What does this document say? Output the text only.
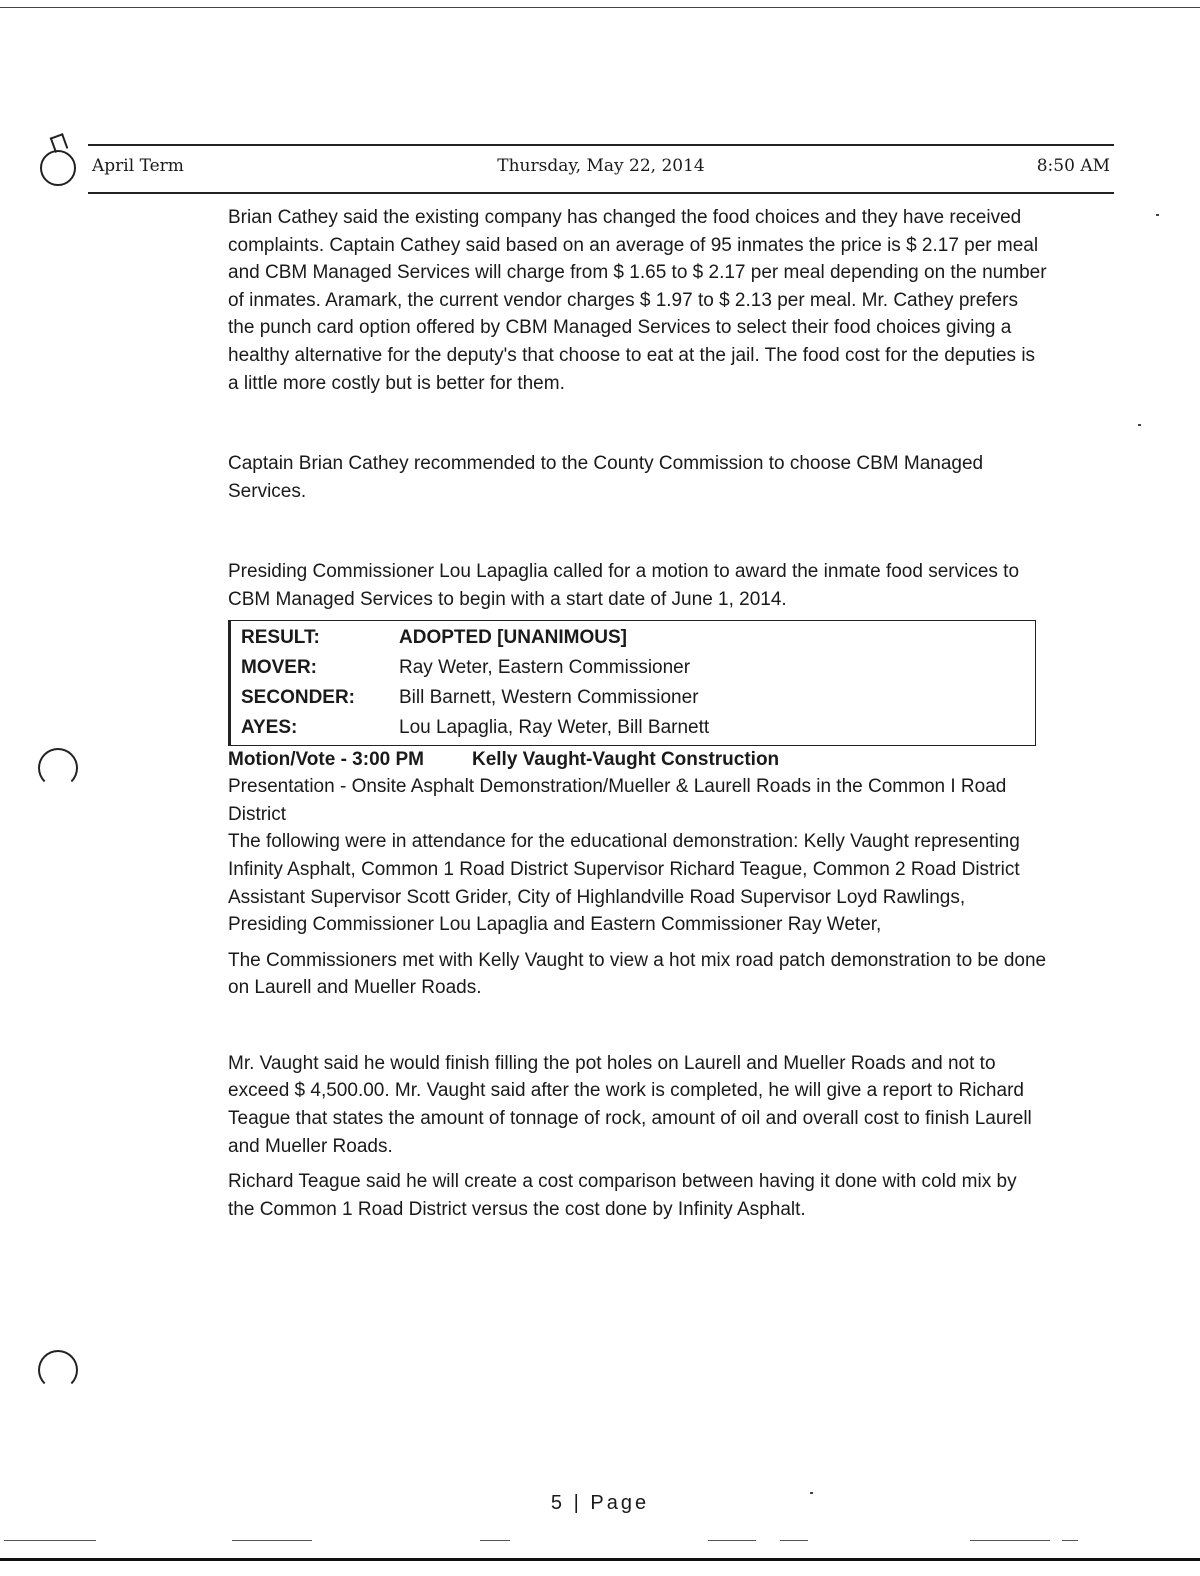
April Term	Thursday, May 22, 2014	8:50 AM

Brian Cathey said the existing company has changed the food choices and they have received complaints. Captain Cathey said based on an average of 95 inmates the price is $ 2.17 per meal and CBM Managed Services will charge from $ 1.65 to $ 2.17 per meal depending on the number of inmates. Aramark, the current vendor charges $ 1.97 to $ 2.13 per meal. Mr. Cathey prefers the punch card option offered by CBM Managed Services to select their food choices giving a healthy alternative for the deputy's that choose to eat at the jail. The food cost for the deputies is a little more costly but is better for them.

Captain Brian Cathey recommended to the County Commission to choose CBM Managed Services.

Presiding Commissioner Lou Lapaglia called for a motion to award the inmate food services to CBM Managed Services to begin with a start date of June 1, 2014.

RESULT:	ADOPTED [UNANIMOUS]
MOVER:	Ray Weter, Eastern Commissioner
SECONDER:	Bill Barnett, Western Commissioner
AYES:	Lou Lapaglia, Ray Weter, Bill Barnett

Motion/Vote - 3:00 PM	Kelly Vaught-Vaught Construction

Presentation - Onsite Asphalt Demonstration/Mueller & Laurell Roads in the Common I Road District

The following were in attendance for the educational demonstration: Kelly Vaught representing Infinity Asphalt, Common 1 Road District Supervisor Richard Teague, Common 2 Road District Assistant Supervisor Scott Grider, City of Highlandville Road Supervisor Loyd Rawlings, Presiding Commissioner Lou Lapaglia and Eastern Commissioner Ray Weter,

The Commissioners met with Kelly Vaught to view a hot mix road patch demonstration to be done on Laurell and Mueller Roads.

Mr. Vaught said he would finish filling the pot holes on Laurell and Mueller Roads and not to exceed $ 4,500.00. Mr. Vaught said after the work is completed, he will give a report to Richard Teague that states the amount of tonnage of rock, amount of oil and overall cost to finish Laurell and Mueller Roads.

Richard Teague said he will create a cost comparison between having it done with cold mix by the Common 1 Road District versus the cost done by Infinity Asphalt.

5 | Page
